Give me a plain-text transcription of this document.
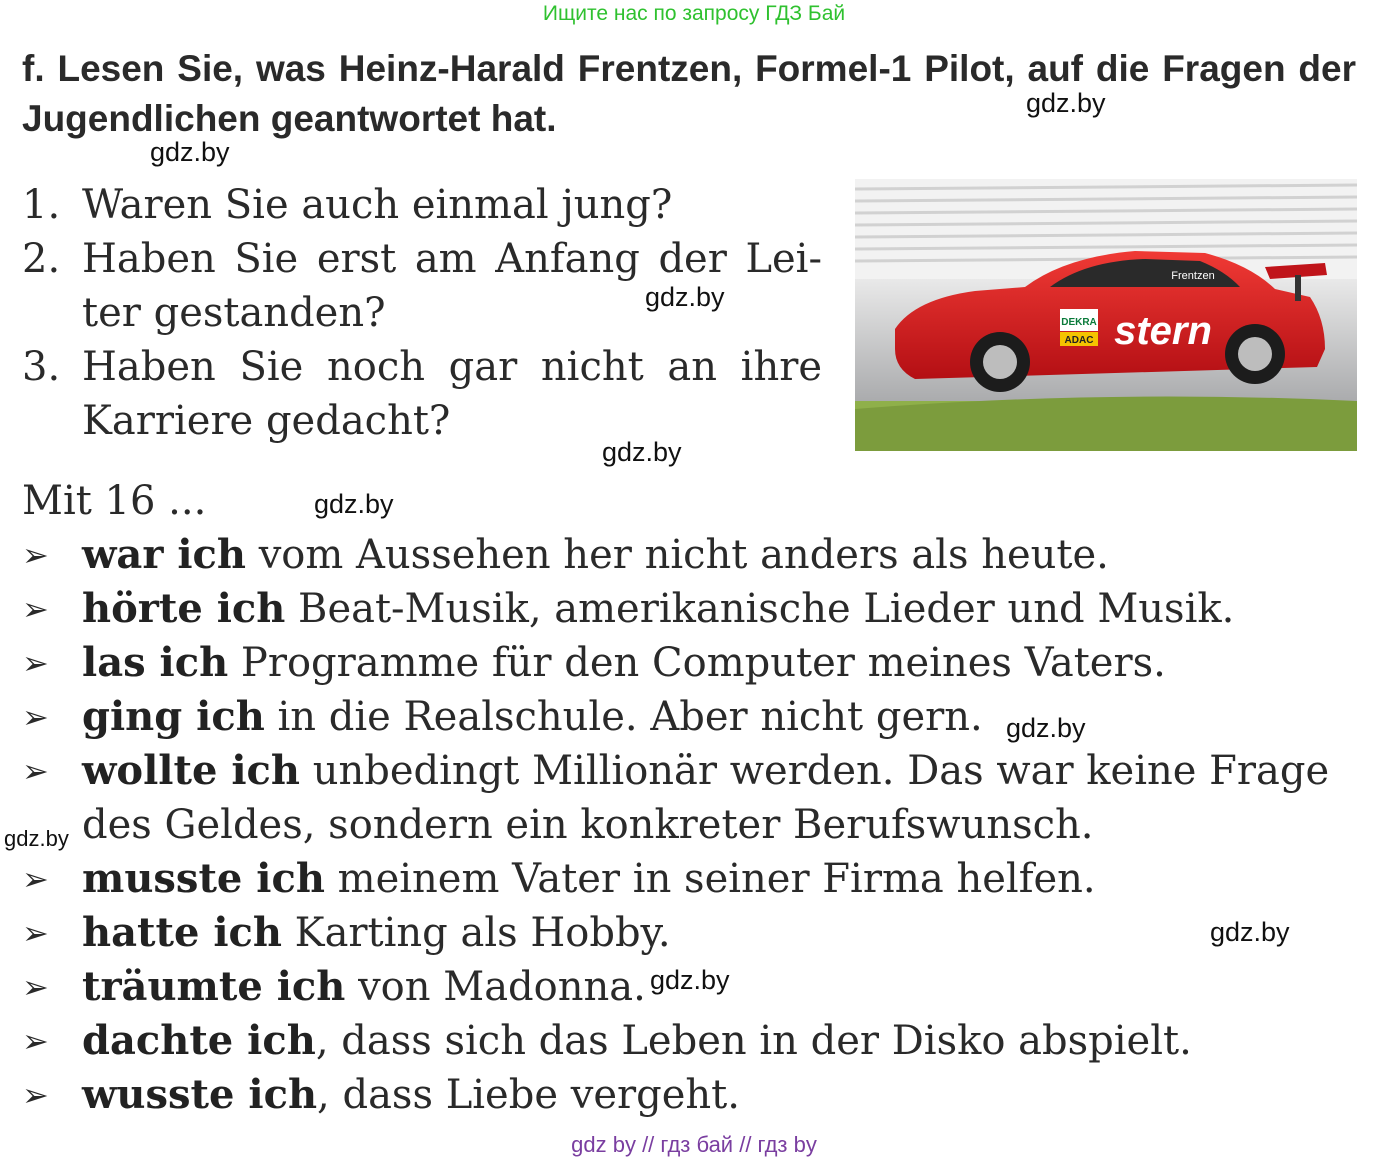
Ищите нас по запросу ГДЗ Бай
f. Lesen Sie, was Heinz-Harald Frentzen, Formel-1 Pilot, auf die Fragen der Jugendlichen geantwortet hat.
1. Waren Sie auch einmal jung?
2. Haben Sie erst am Anfang der Lei-ter gestanden?
3. Haben Sie noch gar nicht an ihre Karriere gedacht?
DEKRA
ADAC stern
Frentzen
Mit 16 ...
➢ war ich vom Aussehen her nicht anders als heute.
➢ hörte ich Beat-Musik, amerikanische Lieder und Musik.
➢ las ich Programme für den Computer meines Vaters.
➢ ging ich in die Realschule. Aber nicht gern.
➢ wollte ich unbedingt Millionär werden. Das war keine Frage
des Geldes, sondern ein konkreter Berufswunsch.
➢ musste ich meinem Vater in seiner Firma helfen.
➢ hatte ich Karting als Hobby.
➢ träumte ich von Madonna.
➢ dachte ich, dass sich das Leben in der Disko abspielt.
➢ wusste ich, dass Liebe vergeht.
gdz.by
gdz.by
gdz.by
gdz.by
gdz.by
gdz.by
gdz.by
gdz.by
gdz.by
gdz by // гдз бай // гдз by
